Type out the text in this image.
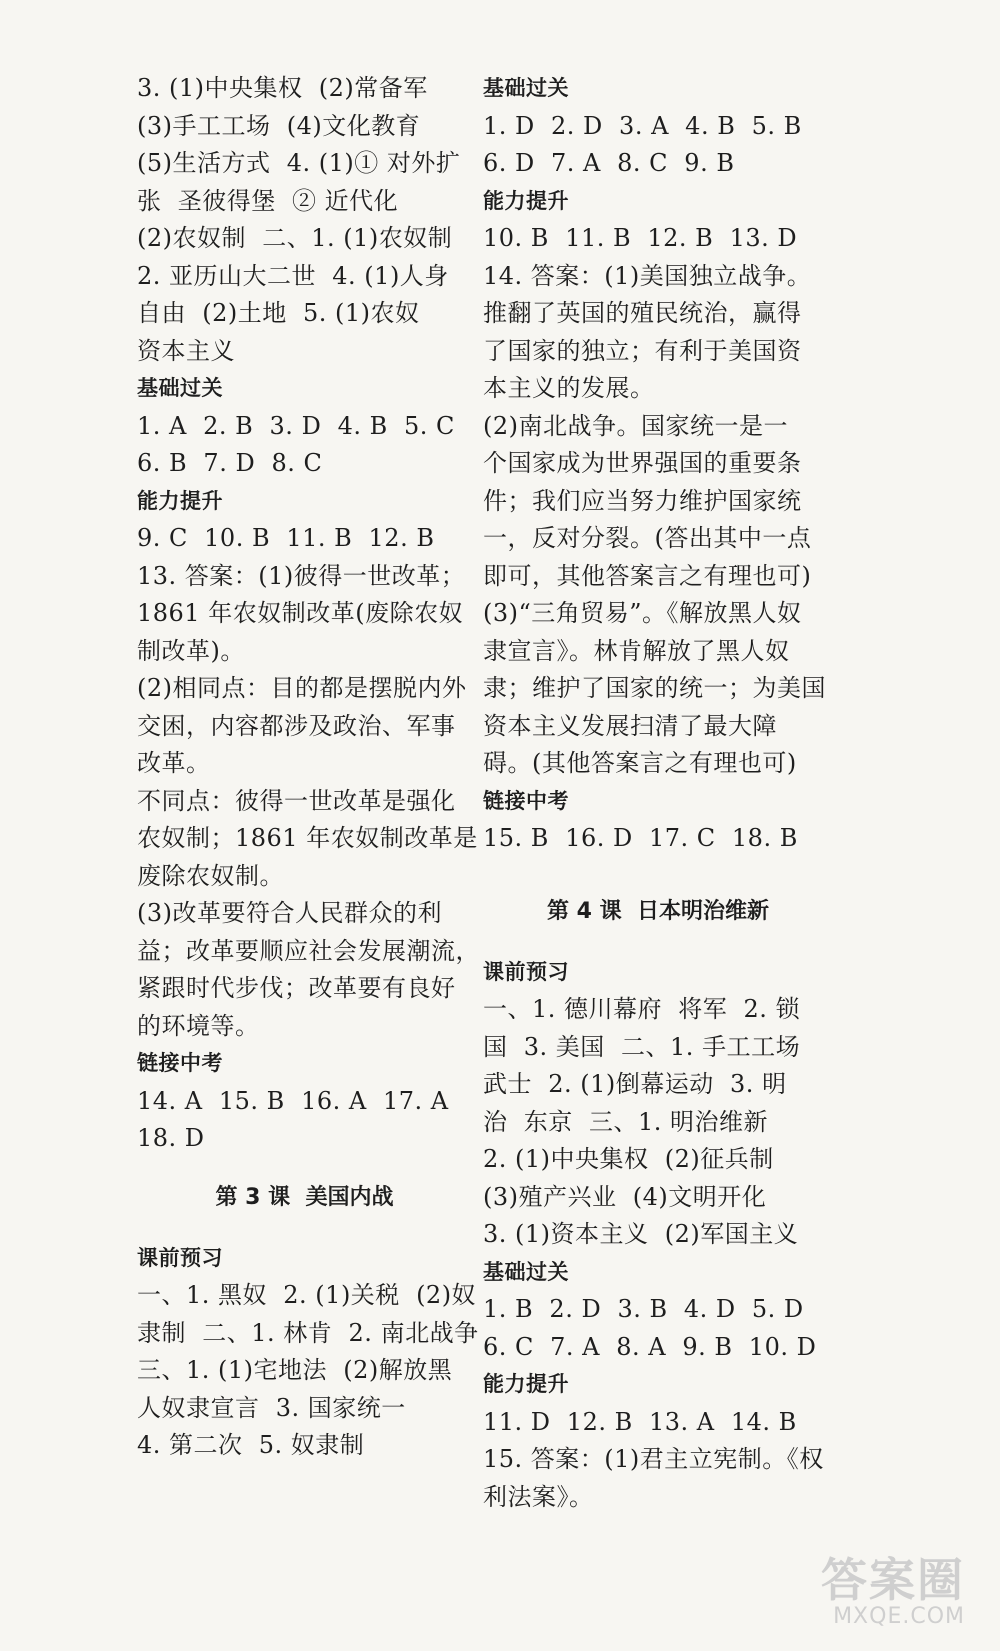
3. (1)中央集权  (2)常备军
(3)手工工场  (4)文化教育
(5)生活方式  4. (1)① 对外扩
张  圣彼得堡  ② 近代化
(2)农奴制  二、1. (1)农奴制
2. 亚历山大二世  4. (1)人身
自由  (2)土地  5. (1)农奴
资本主义
基础过关
1. A  2. B  3. D  4. B  5. C
6. B  7. D  8. C
能力提升
9. C  10. B  11. B  12. B
13. 答案：(1)彼得一世改革；
1861 年农奴制改革(废除农奴
制改革)。
(2)相同点：目的都是摆脱内外
交困，内容都涉及政治、军事
改革。
不同点：彼得一世改革是强化
农奴制；1861 年农奴制改革是
废除农奴制。
(3)改革要符合人民群众的利
益；改革要顺应社会发展潮流，
紧跟时代步伐；改革要有良好
的环境等。
链接中考
14. A  15. B  16. A  17. A
18. D
第 3 课  美国内战
课前预习
一、1. 黑奴  2. (1)关税  (2)奴
隶制  二、1. 林肯  2. 南北战争
三、1. (1)宅地法  (2)解放黑
人奴隶宣言  3. 国家统一
4. 第二次  5. 奴隶制
基础过关
1. D  2. D  3. A  4. B  5. B
6. D  7. A  8. C  9. B
能力提升
10. B  11. B  12. B  13. D
14. 答案：(1)美国独立战争。
推翻了英国的殖民统治，赢得
了国家的独立；有利于美国资
本主义的发展。
(2)南北战争。国家统一是一
个国家成为世界强国的重要条
件；我们应当努力维护国家统
一，反对分裂。(答出其中一点
即可，其他答案言之有理也可)
(3)“三角贸易”。《解放黑人奴
隶宣言》。林肯解放了黑人奴
隶；维护了国家的统一；为美国
资本主义发展扫清了最大障
碍。(其他答案言之有理也可)
链接中考
15. B  16. D  17. C  18. B
第 4 课  日本明治维新
课前预习
一、1. 德川幕府  将军  2. 锁
国  3. 美国  二、1. 手工工场
武士  2. (1)倒幕运动  3. 明
治  东京  三、1. 明治维新
2. (1)中央集权  (2)征兵制
(3)殖产兴业  (4)文明开化
3. (1)资本主义  (2)军国主义
基础过关
1. B  2. D  3. B  4. D  5. D
6. C  7. A  8. A  9. B  10. D
能力提升
11. D  12. B  13. A  14. B
15. 答案：(1)君主立宪制。《权
利法案》。
答案圈
MXQE.COM
